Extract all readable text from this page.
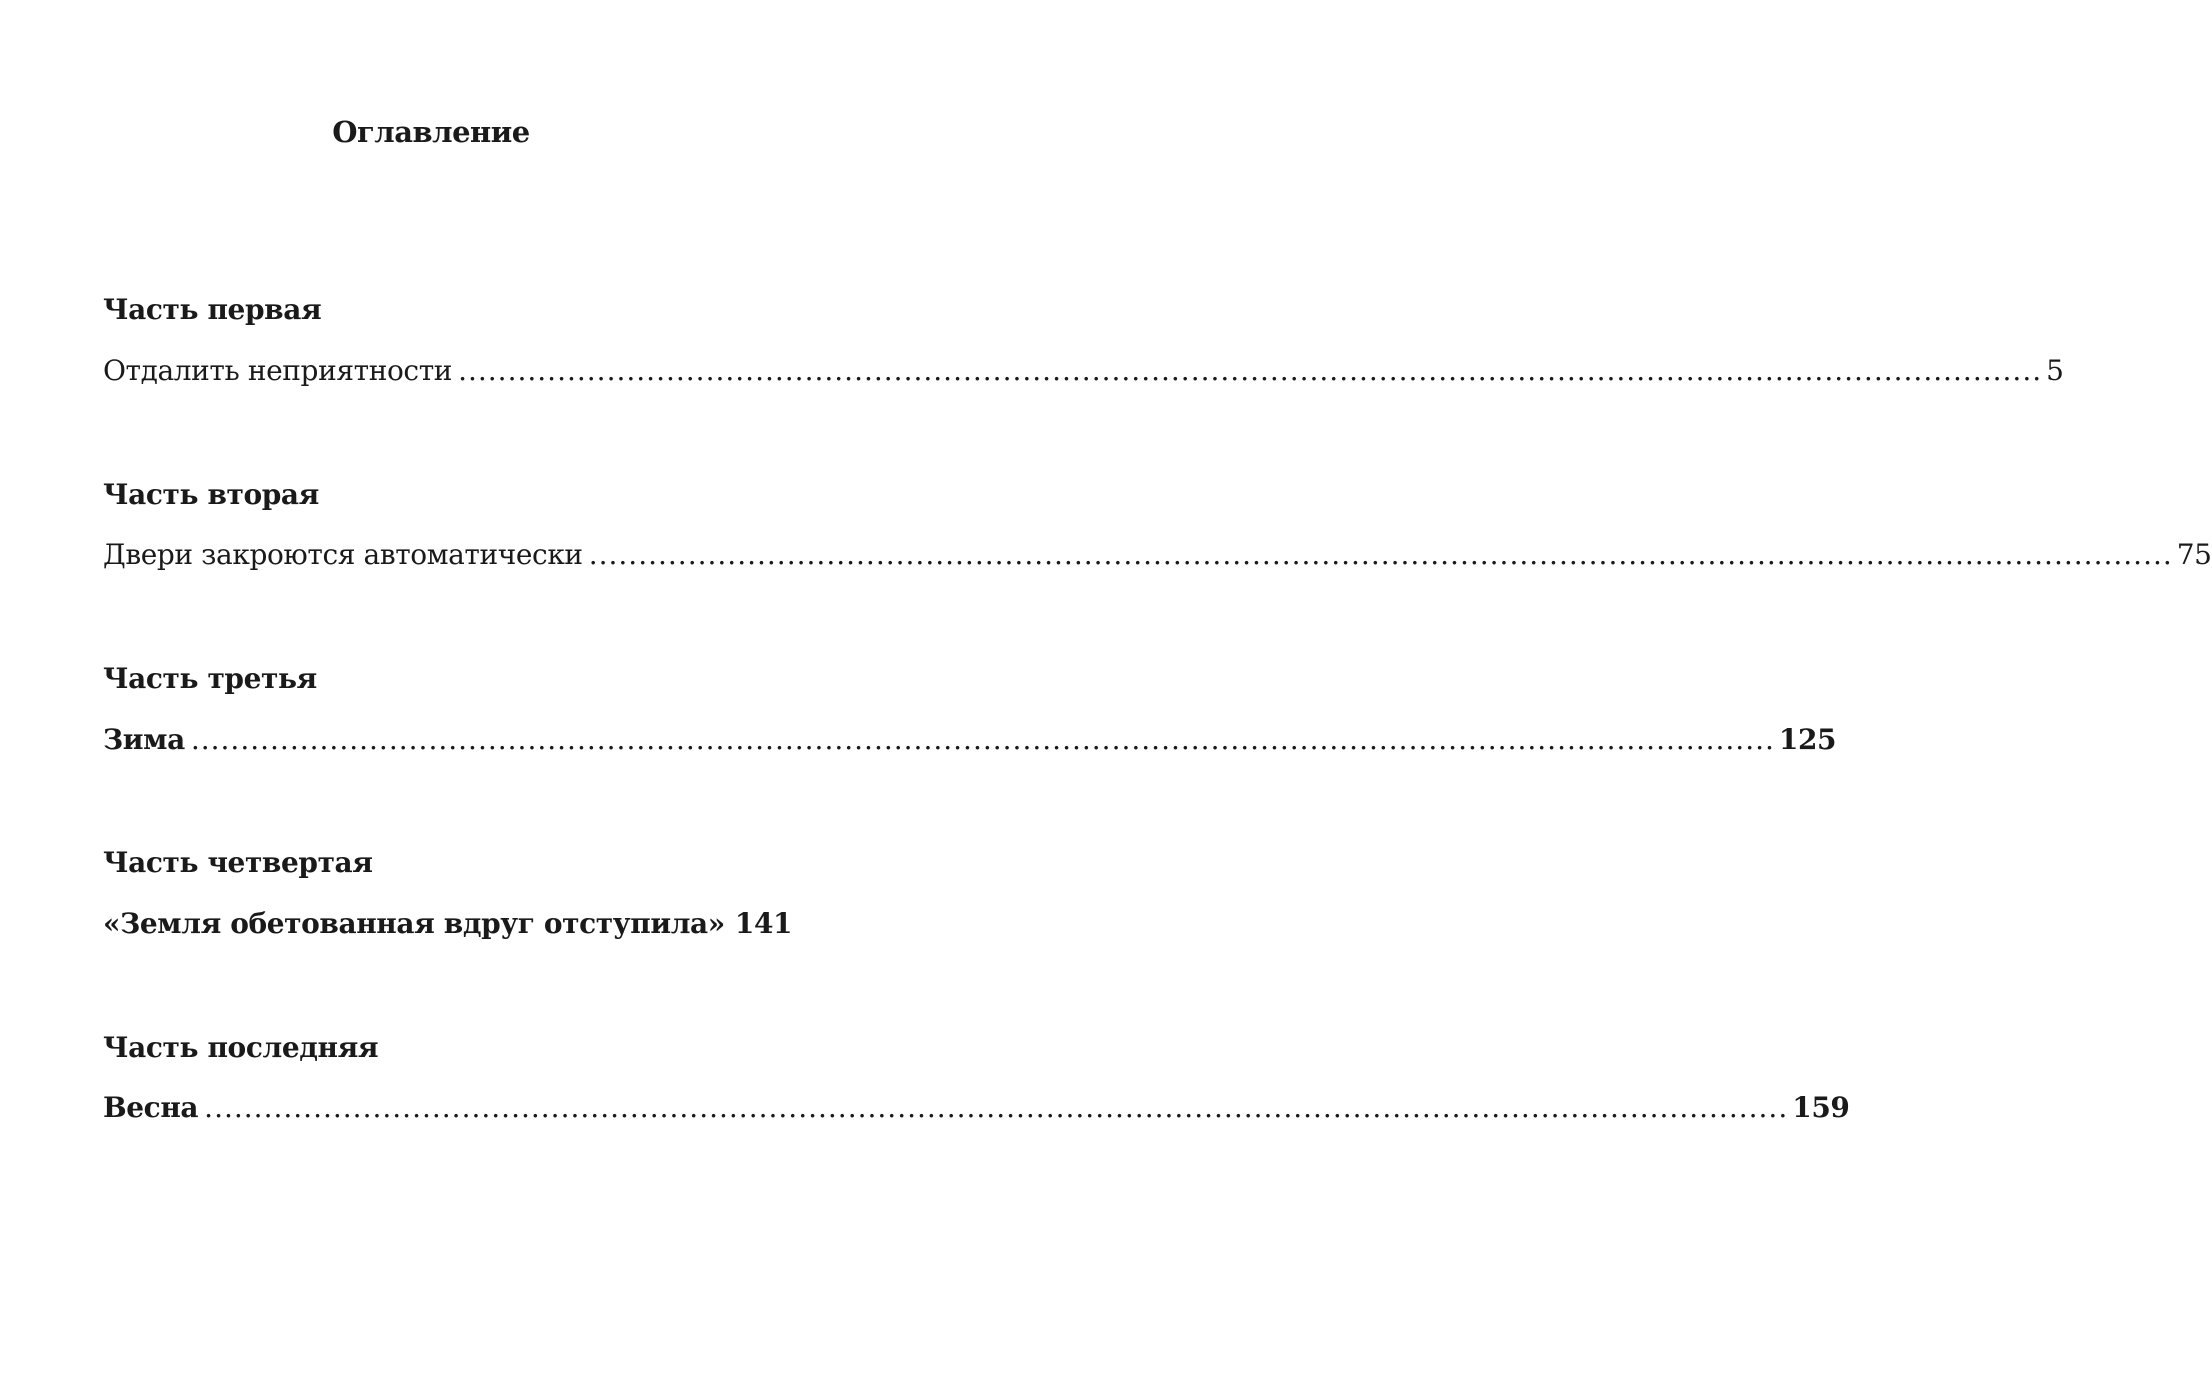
Оглавление
Часть первая
Отдалить неприятности .....	5
Часть вторая
Двери закроются автоматически .....	75
Часть третья
Зима .....	125
Часть четвертая
«Земля обетованная вдруг отступила» 141
Часть последняя
Весна .....	159
